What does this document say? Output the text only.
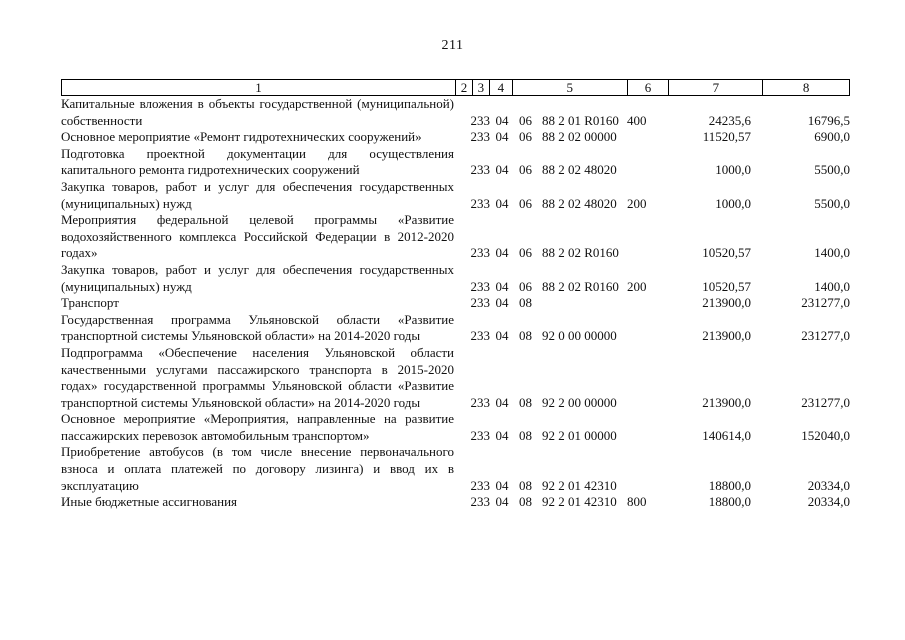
211
1	2 3	4	5	6	7	8
Капитальные вложения в объекты государственной (муниципальной) собственности	233 04 06 88 2 01 R0160 400	24235,6	16796,5
Основное мероприятие «Ремонт гидротехнических сооружений»	233 04 06 88 2 02 00000	11520,57	6900,0
Подготовка проектной документации для осуществления капитального ремонта гидротехнических сооружений	233 04 06 88 2 02 48020	1000,0	5500,0
Закупка товаров, работ и услуг для обеспечения государственных (муниципальных) нужд	233 04 06 88 2 02 48020 200	1000,0	5500,0
Мероприятия федеральной целевой программы «Развитие водохозяйственного комплекса Российской Федерации в 2012-2020 годах»	233 04 06 88 2 02 R0160	10520,57	1400,0
Закупка товаров, работ и услуг для обеспечения государственных (муниципальных) нужд	233 04 06 88 2 02 R0160 200	10520,57	1400,0
Транспорт	233 04 08	213900,0	231277,0
Государственная программа Ульяновской области «Развитие транспортной системы Ульяновской области» на 2014-2020 годы	233 04 08 92 0 00 00000	213900,0	231277,0
Подпрограмма «Обеспечение населения Ульяновской области качественными услугами пассажирского транспорта в 2015-2020 годах» государственной программы Ульяновской области «Развитие транспортной системы Ульяновской области» на 2014-2020 годы	233 04 08 92 2 00 00000	213900,0	231277,0
Основное мероприятие «Мероприятия, направленные на развитие пассажирских перевозок автомобильным транспортом»	233 04 08 92 2 01 00000	140614,0	152040,0
Приобретение автобусов (в том числе внесение первоначального взноса и оплата платежей по договору лизинга) и ввод их в эксплуатацию	233 04 08 92 2 01 42310	18800,0	20334,0
Иные бюджетные ассигнования	233 04 08 92 2 01 42310 800	18800,0	20334,0
